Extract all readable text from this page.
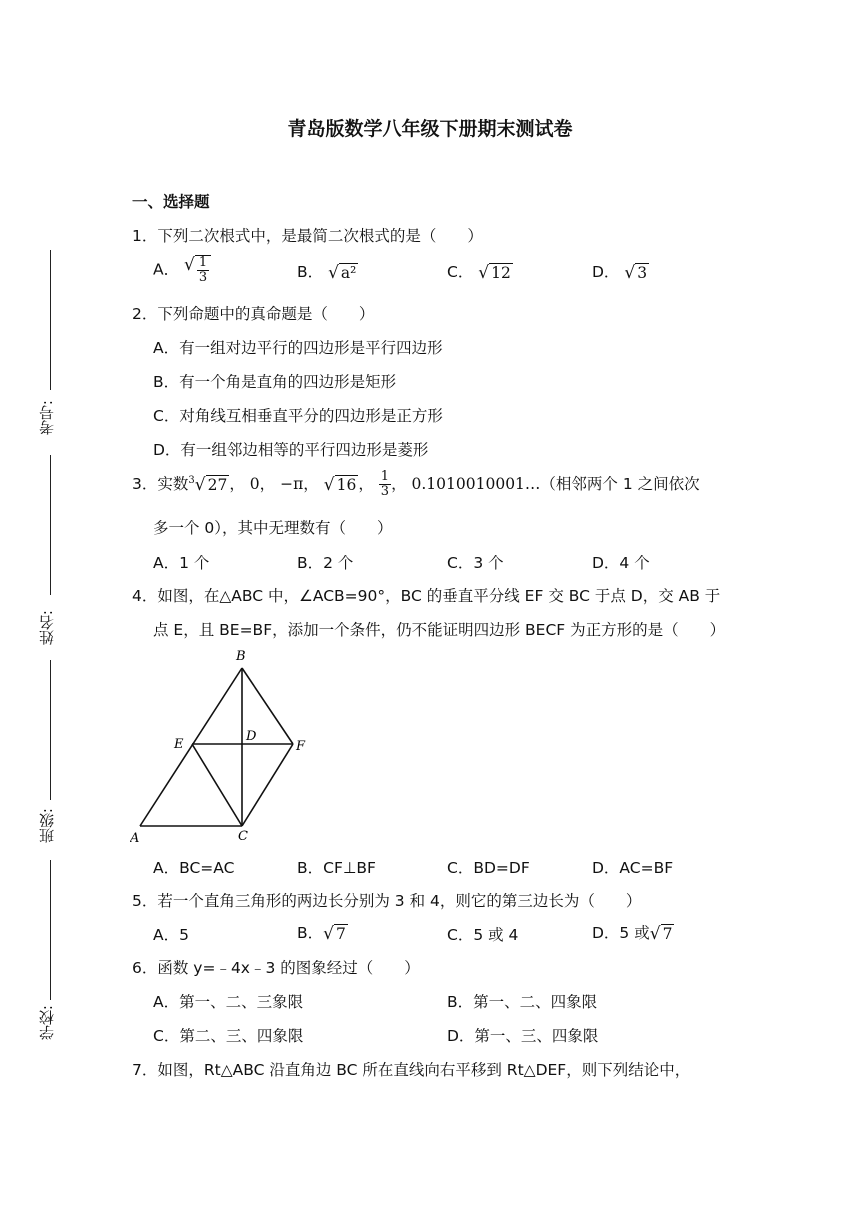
考号:
姓名:
班级:
学校:
青岛版数学八年级下册期末测试卷
一、选择题
1．下列二次根式中，是最简二次根式的是（　　）
A． √ $\frac{1}{3}$	B． √ a²	C． √ 12	D． √ 3
2．下列命题中的真命题是（　　）
A．有一组对边平行的四边形是平行四边形
B．有一个角是直角的四边形是矩形
C．对角线互相垂直平分的四边形是正方形
D．有一组邻边相等的平行四边形是菱形
3．实数 3 √ 27 ， 0， −π， √ 16 ， $\frac{1}{3}$ ， 0.1010010001…（相邻两个 1 之间依次
多一个 0），其中无理数有（　　）
A．1 个	B．2 个	C．3 个	D．4 个
4．如图，在△ABC 中，∠ACB=90°，BC 的垂直平分线 EF 交 BC 于点 D，交 AB 于
点 E，且 BE=BF，添加一个条件，仍不能证明四边形 BECF 为正方形的是（　　）
B
E
D
F
A	C
A．BC=AC	B．CF⊥BF	C．BD=DF	D．AC=BF
5．若一个直角三角形的两边长分别为 3 和 4，则它的第三边长为（　　）
A．5	B． √ 7	C．5 或 4	D．5 或 √ 7
6．函数 y=﹣4x﹣3 的图象经过（　　）
A．第一、二、三象限	B．第一、二、四象限
C．第二、三、四象限	D．第一、三、四象限
7．如图，Rt△ABC 沿直角边 BC 所在直线向右平移到 Rt△DEF，则下列结论中，
